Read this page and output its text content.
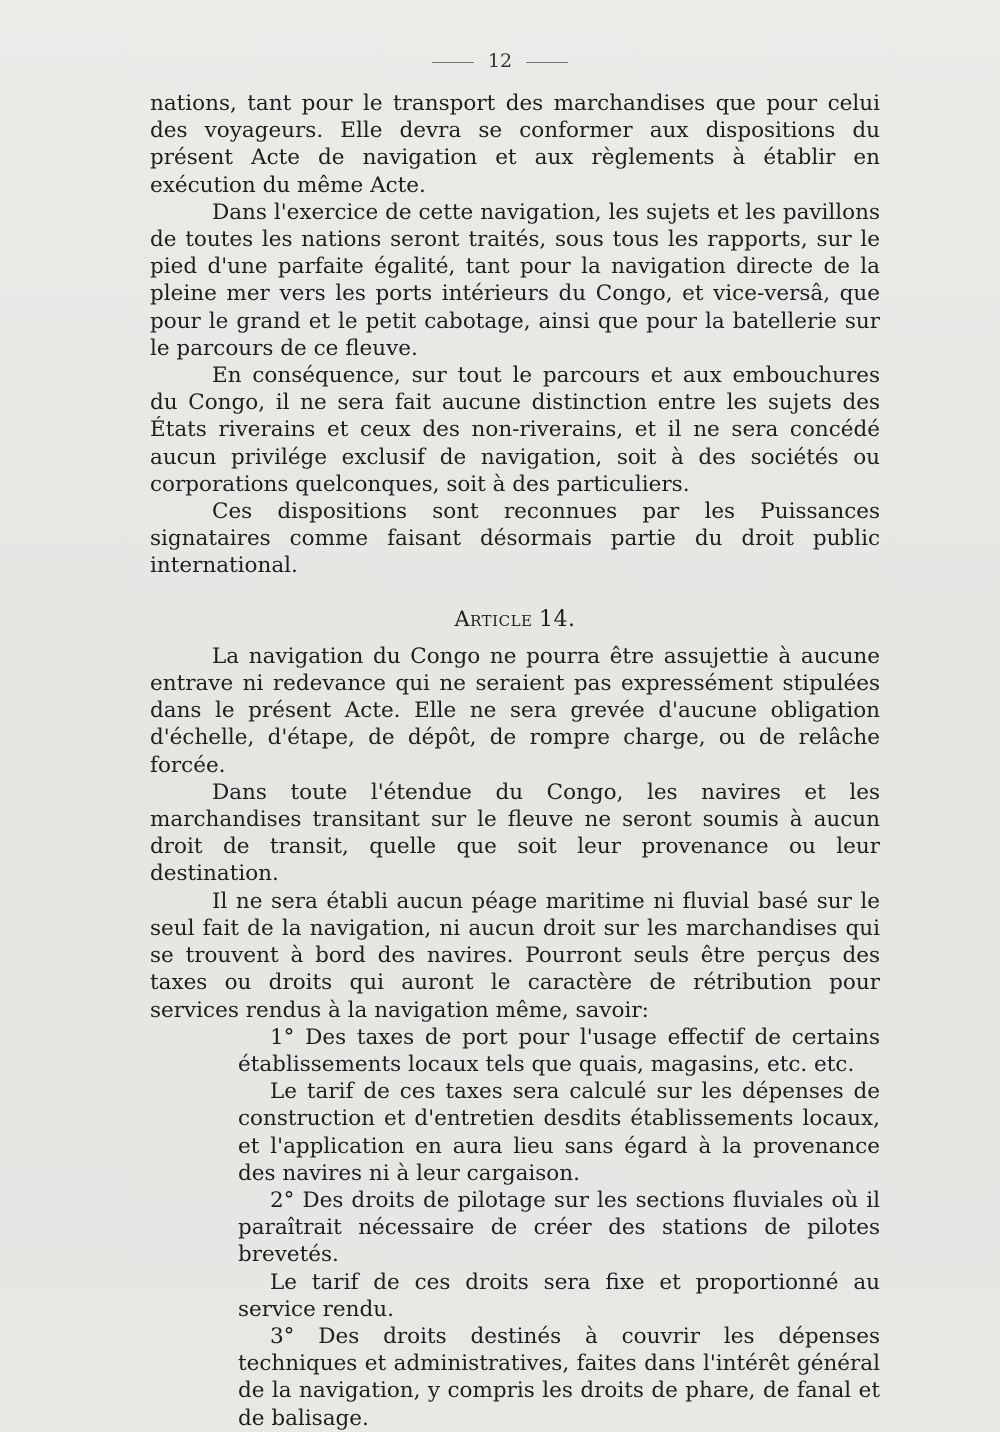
12

nations, tant pour le transport des marchandises que pour celui des voyageurs. Elle devra se conformer aux dispositions du présent Acte de navigation et aux règlements à établir en exécution du même Acte.

Dans l'exercice de cette navigation, les sujets et les pavillons de toutes les nations seront traités, sous tous les rapports, sur le pied d'une parfaite égalité, tant pour la navigation directe de la pleine mer vers les ports intérieurs du Congo, et vice-versâ, que pour le grand et le petit cabotage, ainsi que pour la batellerie sur le parcours de ce fleuve.

En conséquence, sur tout le parcours et aux embouchures du Congo, il ne sera fait aucune distinction entre les sujets des États riverains et ceux des non-riverains, et il ne sera concédé aucun privilége exclusif de navigation, soit à des sociétés ou corporations quelconques, soit à des particuliers.

Ces dispositions sont reconnues par les Puissances signataires comme faisant désormais partie du droit public international.

ARTICLE 14.

La navigation du Congo ne pourra être assujettie à aucune entrave ni redevance qui ne seraient pas expressément stipulées dans le présent Acte. Elle ne sera grevée d'aucune obligation d'échelle, d'étape, de dépôt, de rompre charge, ou de relâche forcée.

Dans toute l'étendue du Congo, les navires et les marchandises transitant sur le fleuve ne seront soumis à aucun droit de transit, quelle que soit leur provenance ou leur destination.

Il ne sera établi aucun péage maritime ni fluvial basé sur le seul fait de la navigation, ni aucun droit sur les marchandises qui se trouvent à bord des navires. Pourront seuls être perçus des taxes ou droits qui auront le caractère de rétribution pour services rendus à la navigation même, savoir:

1° Des taxes de port pour l'usage effectif de certains établissements locaux tels que quais, magasins, etc. etc.

Le tarif de ces taxes sera calculé sur les dépenses de construction et d'entretien desdits établissements locaux, et l'application en aura lieu sans égard à la provenance des navires ni à leur cargaison.

2° Des droits de pilotage sur les sections fluviales où il paraîtrait nécessaire de créer des stations de pilotes brevetés.

Le tarif de ces droits sera fixe et proportionné au service rendu.

3° Des droits destinés à couvrir les dépenses techniques et administratives, faites dans l'intérêt général de la navigation, y compris les droits de phare, de fanal et de balisage.
